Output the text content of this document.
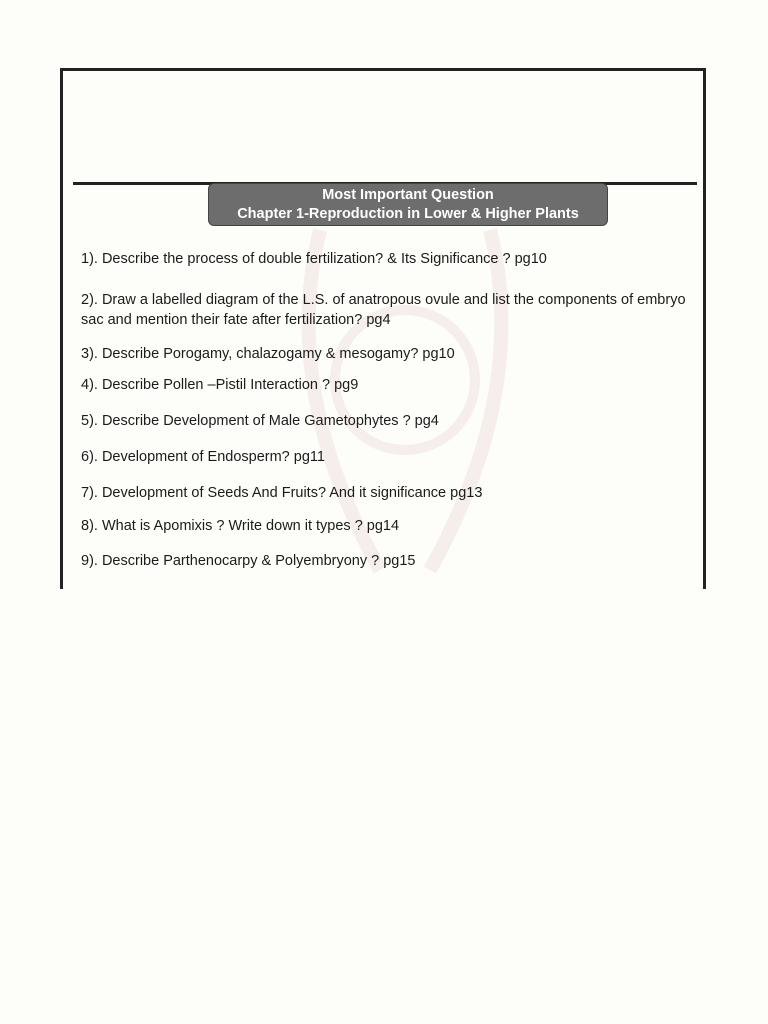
Most Important Question
Chapter 1-Reproduction in Lower & Higher Plants
1). Describe the process of double fertilization? & Its Significance ? pg10
2). Draw a labelled diagram of the L.S. of anatropous ovule and list the components of embryo sac and mention their fate after fertilization? pg4
3). Describe Porogamy, chalazogamy & mesogamy? pg10
4). Describe Pollen –Pistil Interaction ? pg9
5). Describe Development of Male Gametophytes ? pg4
6). Development of Endosperm? pg11
7). Development of Seeds And Fruits? And it significance pg13
8). What is Apomixis ? Write down it types ? pg14
9). Describe Parthenocarpy & Polyembryony ? pg15
